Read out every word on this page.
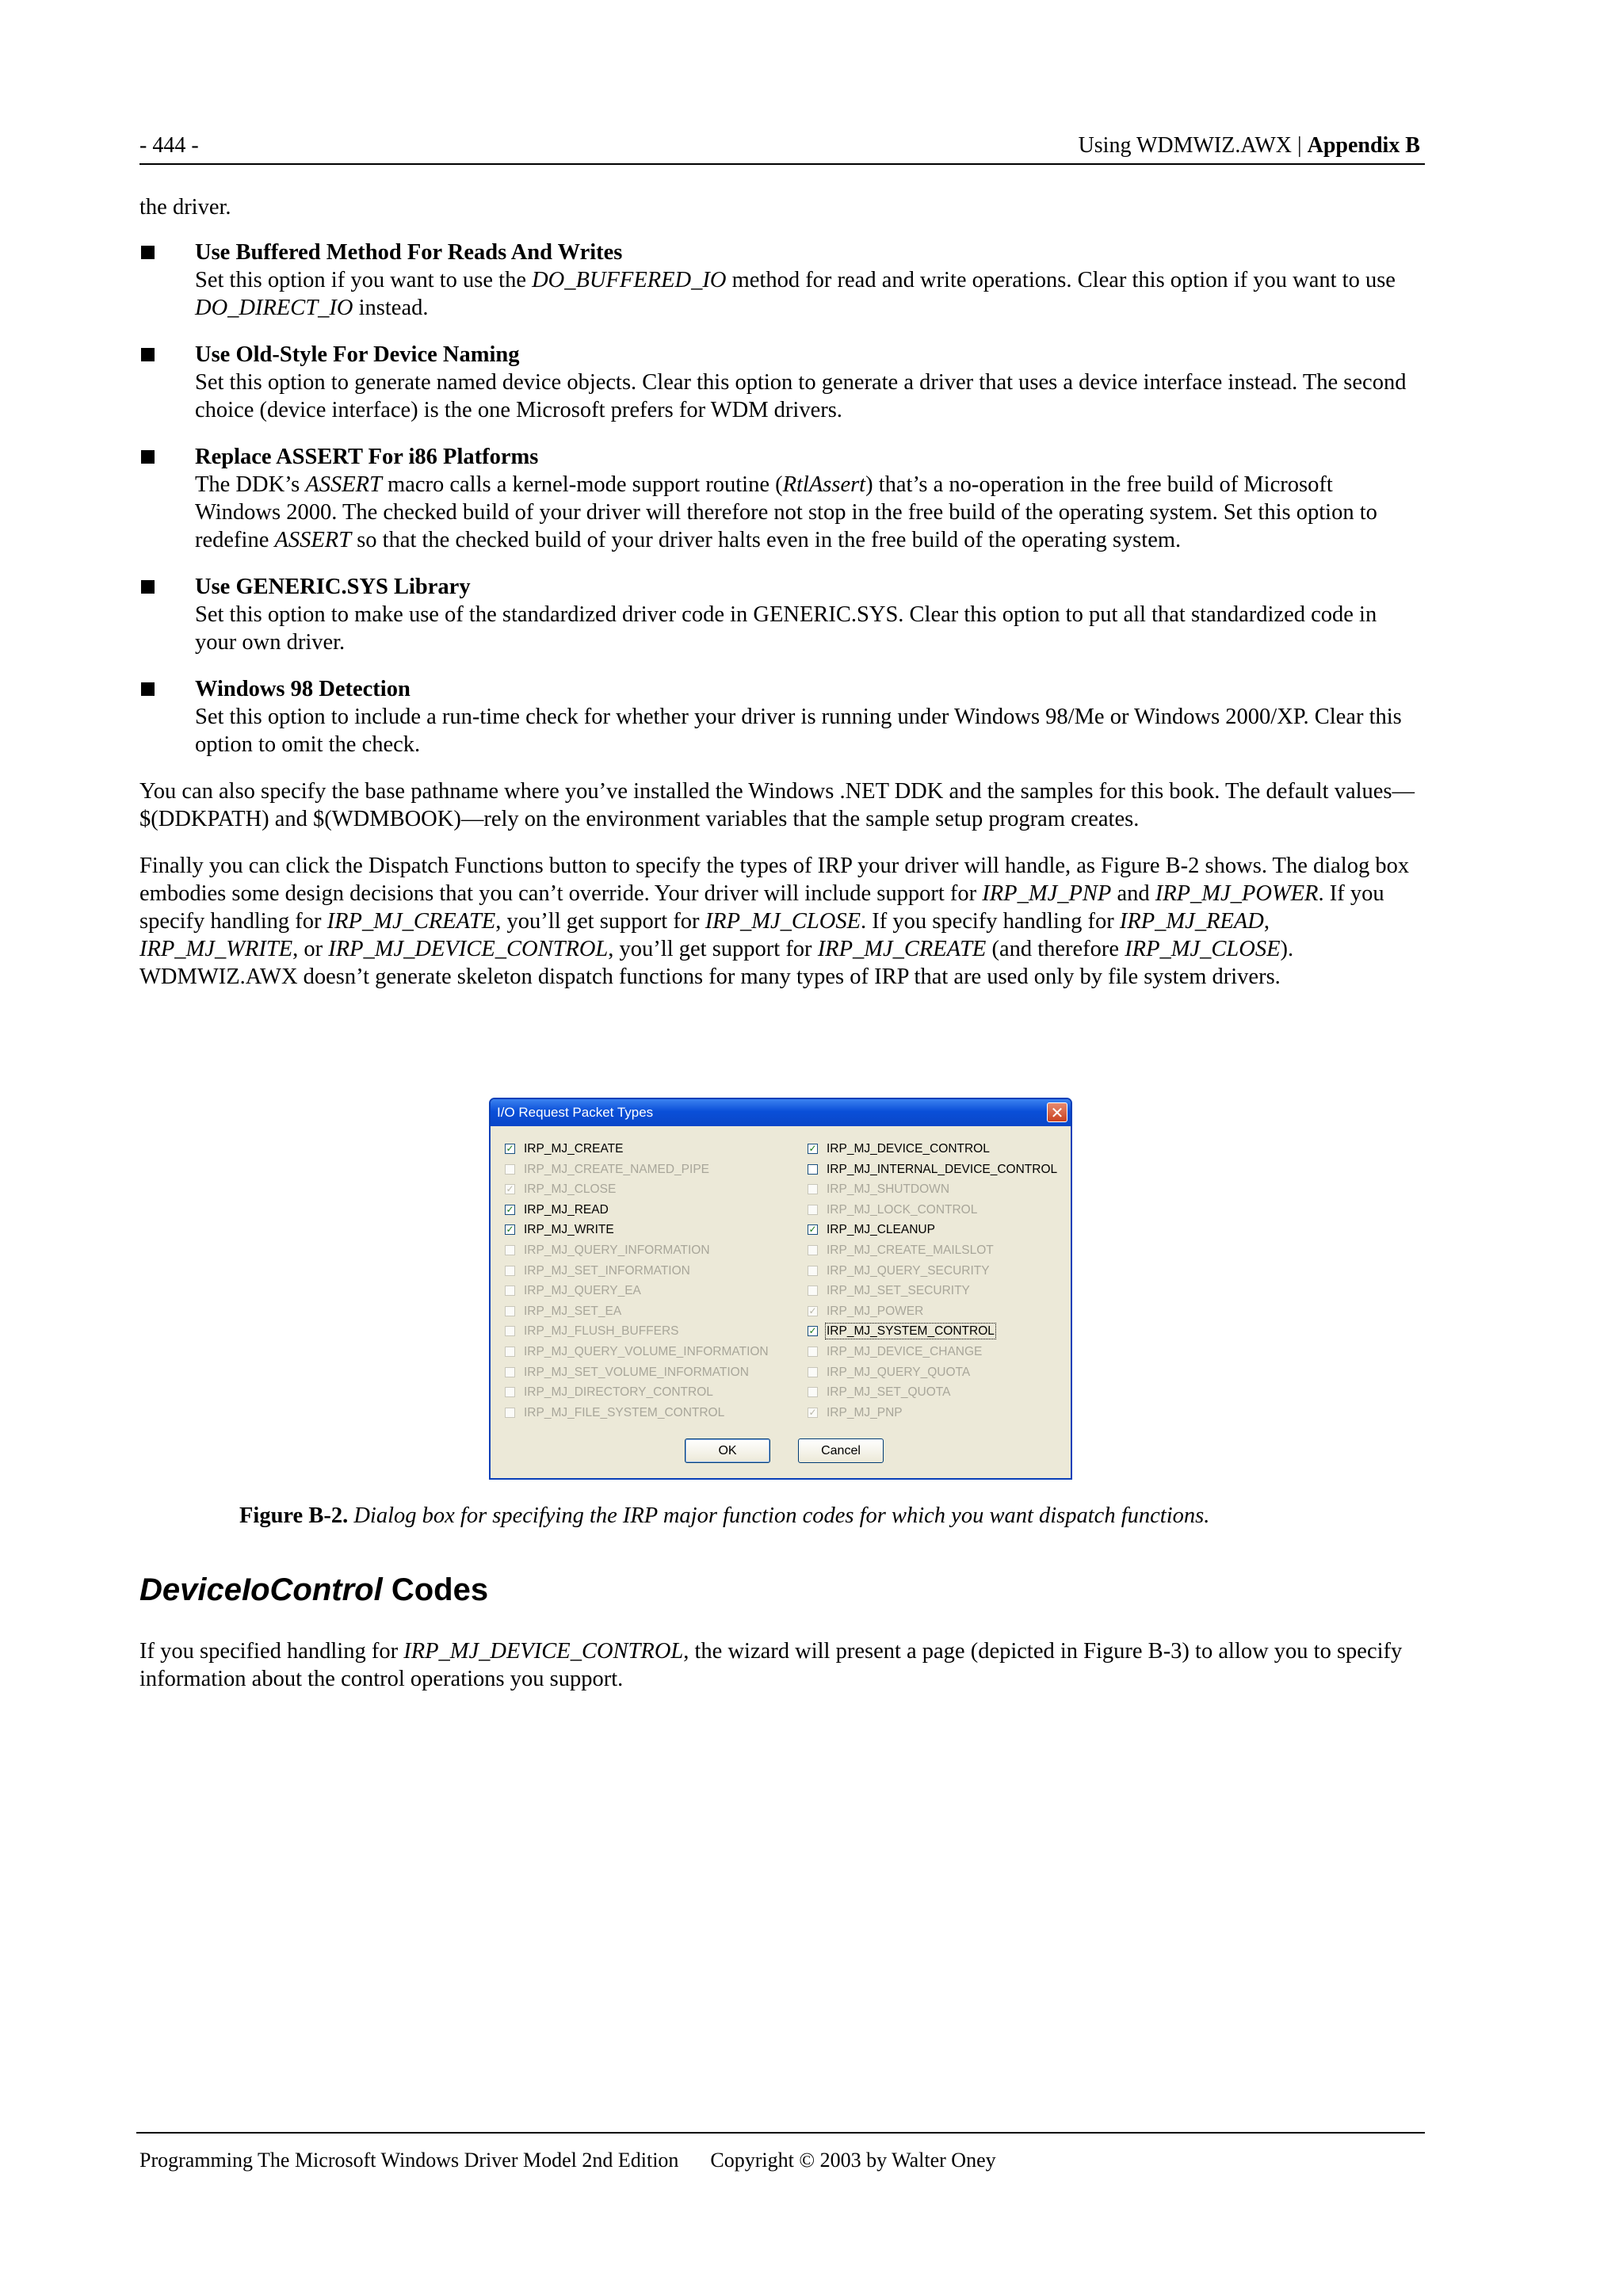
- 444 -	Using WDMWIZ.AWX | Appendix B
the driver.
Use Buffered Method For Reads And Writes
Set this option if you want to use the DO_BUFFERED_IO method for read and write operations. Clear this option if you want to use DO_DIRECT_IO instead.
Use Old-Style For Device Naming
Set this option to generate named device objects. Clear this option to generate a driver that uses a device interface instead. The second choice (device interface) is the one Microsoft prefers for WDM drivers.
Replace ASSERT For i86 Platforms
The DDK’s ASSERT macro calls a kernel-mode support routine (RtlAssert) that’s a no-operation in the free build of Microsoft Windows 2000. The checked build of your driver will therefore not stop in the free build of the operating system. Set this option to redefine ASSERT so that the checked build of your driver halts even in the free build of the operating system.
Use GENERIC.SYS Library
Set this option to make use of the standardized driver code in GENERIC.SYS. Clear this option to put all that standardized code in your own driver.
Windows 98 Detection
Set this option to include a run-time check for whether your driver is running under Windows 98/Me or Windows 2000/XP. Clear this option to omit the check.
You can also specify the base pathname where you’ve installed the Windows .NET DDK and the samples for this book. The default values—$(DDKPATH) and $(WDMBOOK)—rely on the environment variables that the sample setup program creates.
Finally you can click the Dispatch Functions button to specify the types of IRP your driver will handle, as Figure B-2 shows. The dialog box embodies some design decisions that you can’t override. Your driver will include support for IRP_MJ_PNP and IRP_MJ_POWER. If you specify handling for IRP_MJ_CREATE, you’ll get support for IRP_MJ_CLOSE. If you specify handling for IRP_MJ_READ, IRP_MJ_WRITE, or IRP_MJ_DEVICE_CONTROL, you’ll get support for IRP_MJ_CREATE (and therefore IRP_MJ_CLOSE). WDMWIZ.AWX doesn’t generate skeleton dispatch functions for many types of IRP that are used only by file system drivers.
I/O Request Packet Types	✕
✓ IRP_MJ_CREATE
IRP_MJ_CREATE_NAMED_PIPE
✓ IRP_MJ_CLOSE
✓ IRP_MJ_READ
✓ IRP_MJ_WRITE
IRP_MJ_QUERY_INFORMATION
IRP_MJ_SET_INFORMATION
IRP_MJ_QUERY_EA
IRP_MJ_SET_EA
IRP_MJ_FLUSH_BUFFERS
IRP_MJ_QUERY_VOLUME_INFORMATION
IRP_MJ_SET_VOLUME_INFORMATION
IRP_MJ_DIRECTORY_CONTROL
IRP_MJ_FILE_SYSTEM_CONTROL
✓ IRP_MJ_DEVICE_CONTROL
IRP_MJ_INTERNAL_DEVICE_CONTROL
IRP_MJ_SHUTDOWN
IRP_MJ_LOCK_CONTROL
✓ IRP_MJ_CLEANUP
IRP_MJ_CREATE_MAILSLOT
IRP_MJ_QUERY_SECURITY
IRP_MJ_SET_SECURITY
✓ IRP_MJ_POWER
✓ IRP_MJ_SYSTEM_CONTROL
IRP_MJ_DEVICE_CHANGE
IRP_MJ_QUERY_QUOTA
IRP_MJ_SET_QUOTA
✓ IRP_MJ_PNP
OK	Cancel
Figure B-2. Dialog box for specifying the IRP major function codes for which you want dispatch functions.
DeviceIoControl Codes
If you specified handling for IRP_MJ_DEVICE_CONTROL, the wizard will present a page (depicted in Figure B-3) to allow you to specify information about the control operations you support.
Programming The Microsoft Windows Driver Model 2nd Edition Copyright © 2003 by Walter Oney
